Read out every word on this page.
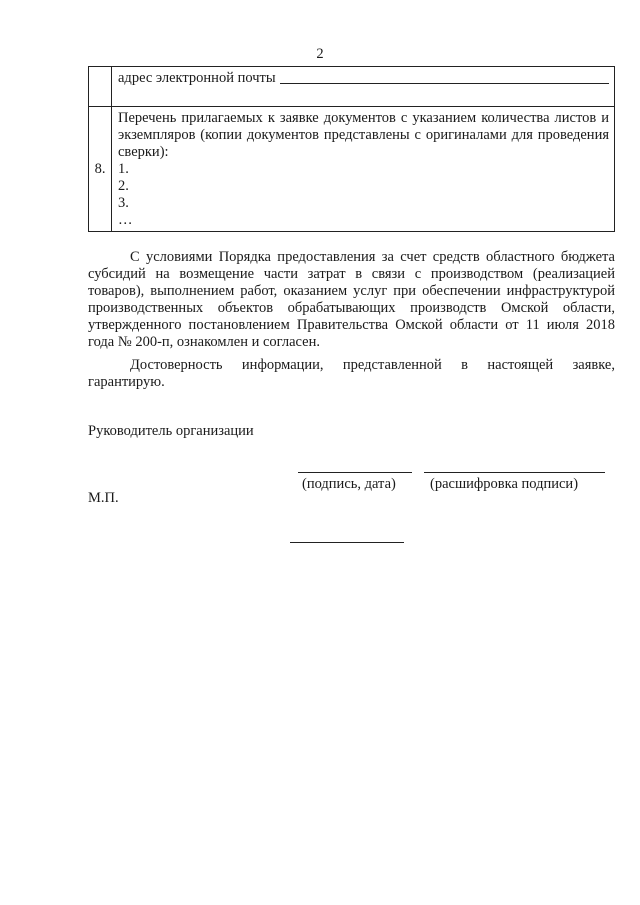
2

	адрес электронной почты

8.	Перечень прилагаемых к заявке документов с указанием количества листов и экземпляров (копии документов представлены с оригиналами для проведения сверки):

1.

2.

3.

…

С условиями Порядка предоставления за счет средств областного бюджета субсидий на возмещение части затрат в связи с производством (реализацией товаров), выполнением работ, оказанием услуг при обеспечении инфраструктурой производственных объектов обрабатывающих производств Омской области, утвержденного постановлением Правительства Омской области от 11 июля 2018 года № 200-п, ознакомлен и согласен.

Достоверность информации, представленной в настоящей заявке, гарантирую.

Руководитель организации
(подпись, дата) (расшифровка подписи)
М.П.
